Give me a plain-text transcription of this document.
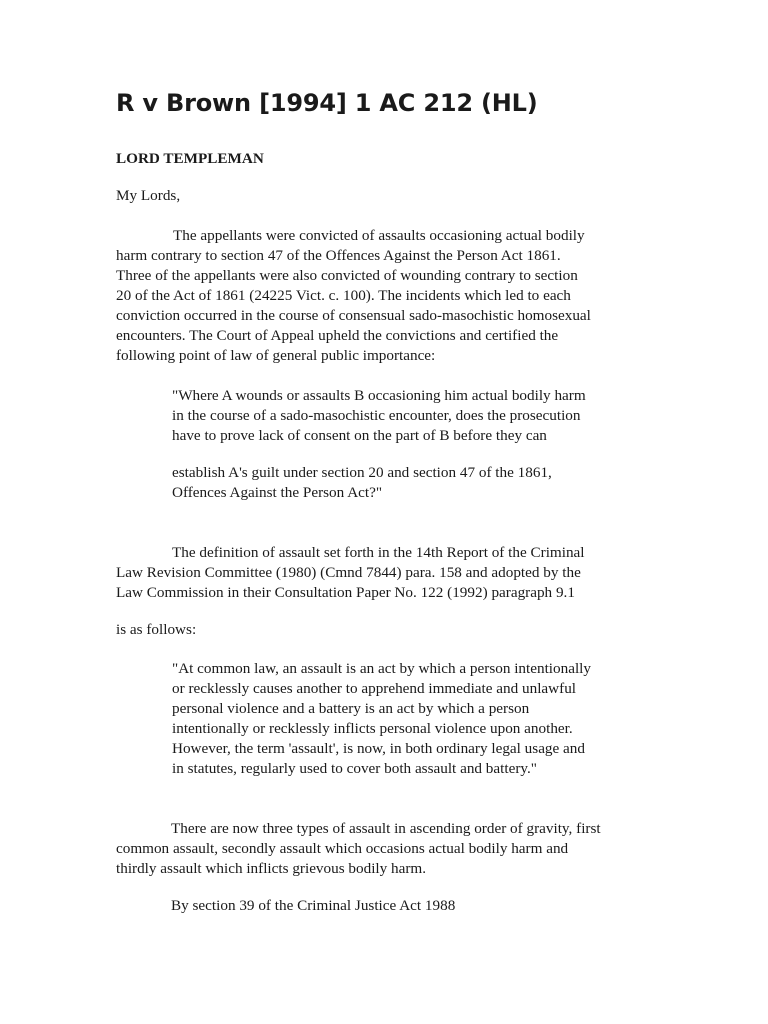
R v Brown [1994] 1 AC 212 (HL)

LORD TEMPLEMAN

My Lords,

The appellants were convicted of assaults occasioning actual bodily

harm contrary to section 47 of the Offences Against the Person Act 1861.

Three of the appellants were also convicted of wounding contrary to section

20 of the Act of 1861 (24225 Vict. c. 100). The incidents which led to each

conviction occurred in the course of consensual sado-masochistic homosexual

encounters. The Court of Appeal upheld the convictions and certified the

following point of law of general public importance:

"Where A wounds or assaults B occasioning him actual bodily harm

in the course of a sado-masochistic encounter, does the prosecution

have to prove lack of consent on the part of B before they can

establish A's guilt under section 20 and section 47 of the 1861,

Offences Against the Person Act?"

The definition of assault set forth in the 14th Report of the Criminal

Law Revision Committee (1980) (Cmnd 7844) para. 158 and adopted by the

Law Commission in their Consultation Paper No. 122 (1992) paragraph 9.1

is as follows:

"At common law, an assault is an act by which a person intentionally

or recklessly causes another to apprehend immediate and unlawful

personal violence and a battery is an act by which a person

intentionally or recklessly inflicts personal violence upon another.

However, the term 'assault', is now, in both ordinary legal usage and

in statutes, regularly used to cover both assault and battery."

There are now three types of assault in ascending order of gravity, first

common assault, secondly assault which occasions actual bodily harm and

thirdly assault which inflicts grievous bodily harm.

By section 39 of the Criminal Justice Act 1988
